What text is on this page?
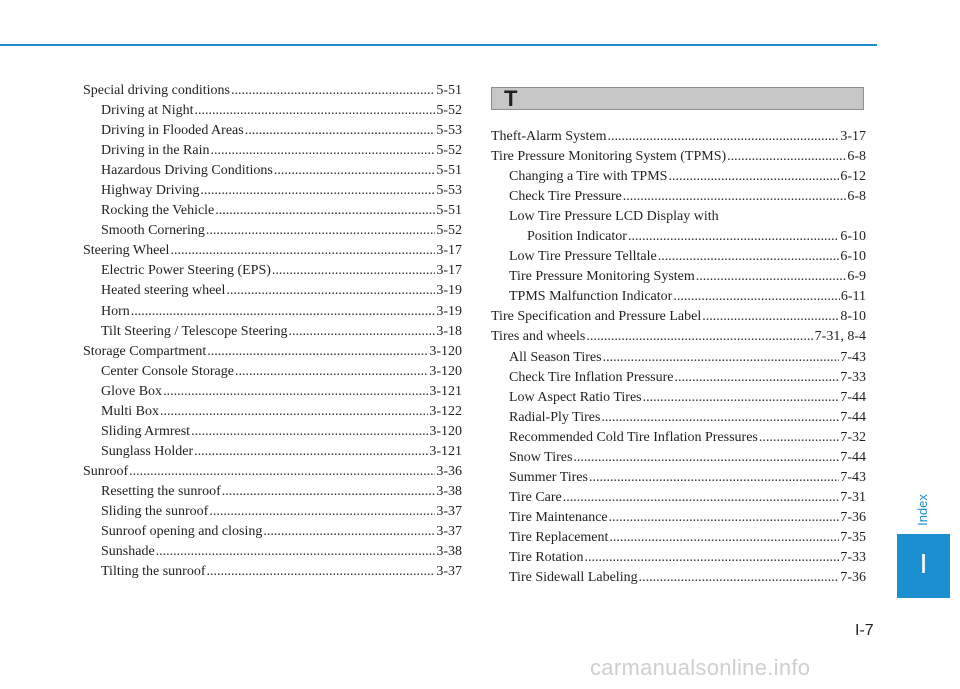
Special driving conditions .....	5-51
Driving at Night .....	5-52
Driving in Flooded Areas .....	5-53
Driving in the Rain .....	5-52
Hazardous Driving Conditions .....	5-51
Highway Driving .....	5-53
Rocking the Vehicle .....	5-51
Smooth Cornering .....	5-52
Steering Wheel .....	3-17
Electric Power Steering (EPS) .....	3-17
Heated steering wheel .....	3-19
Horn .....	3-19
Tilt Steering / Telescope Steering .....	3-18
Storage Compartment .....	3-120
Center Console Storage .....	3-120
Glove Box .....	3-121
Multi Box .....	3-122
Sliding Armrest .....	3-120
Sunglass Holder .....	3-121
Sunroof .....	3-36
Resetting the sunroof .....	3-38
Sliding the sunroof .....	3-37
Sunroof opening and closing .....	3-37
Sunshade .....	3-38
Tilting the sunroof .....	3-37
T
Theft-Alarm System .....	3-17
Tire Pressure Monitoring System (TPMS) .....	6-8
Changing a Tire with TPMS .....	6-12
Check Tire Pressure .....	6-8
Low Tire Pressure LCD Display with
Position Indicator .....	6-10
Low Tire Pressure Telltale .....	6-10
Tire Pressure Monitoring System .....	6-9
TPMS Malfunction Indicator .....	6-11
Tire Specification and Pressure Label .....	8-10
Tires and wheels .....	7-31, 8-4
All Season Tires .....	7-43
Check Tire Inflation Pressure .....	7-33
Low Aspect Ratio Tires .....	7-44
Radial-Ply Tires .....	7-44
Recommended Cold Tire Inflation Pressures .....	7-32
Snow Tires .....	7-44
Summer Tires .....	7-43
Tire Care .....	7-31
Tire Maintenance .....	7-36
Tire Replacement .....	7-35
Tire Rotation .....	7-33
Tire Sidewall Labeling .....	7-36
Index
I
I-7
carmanualsonline.info
